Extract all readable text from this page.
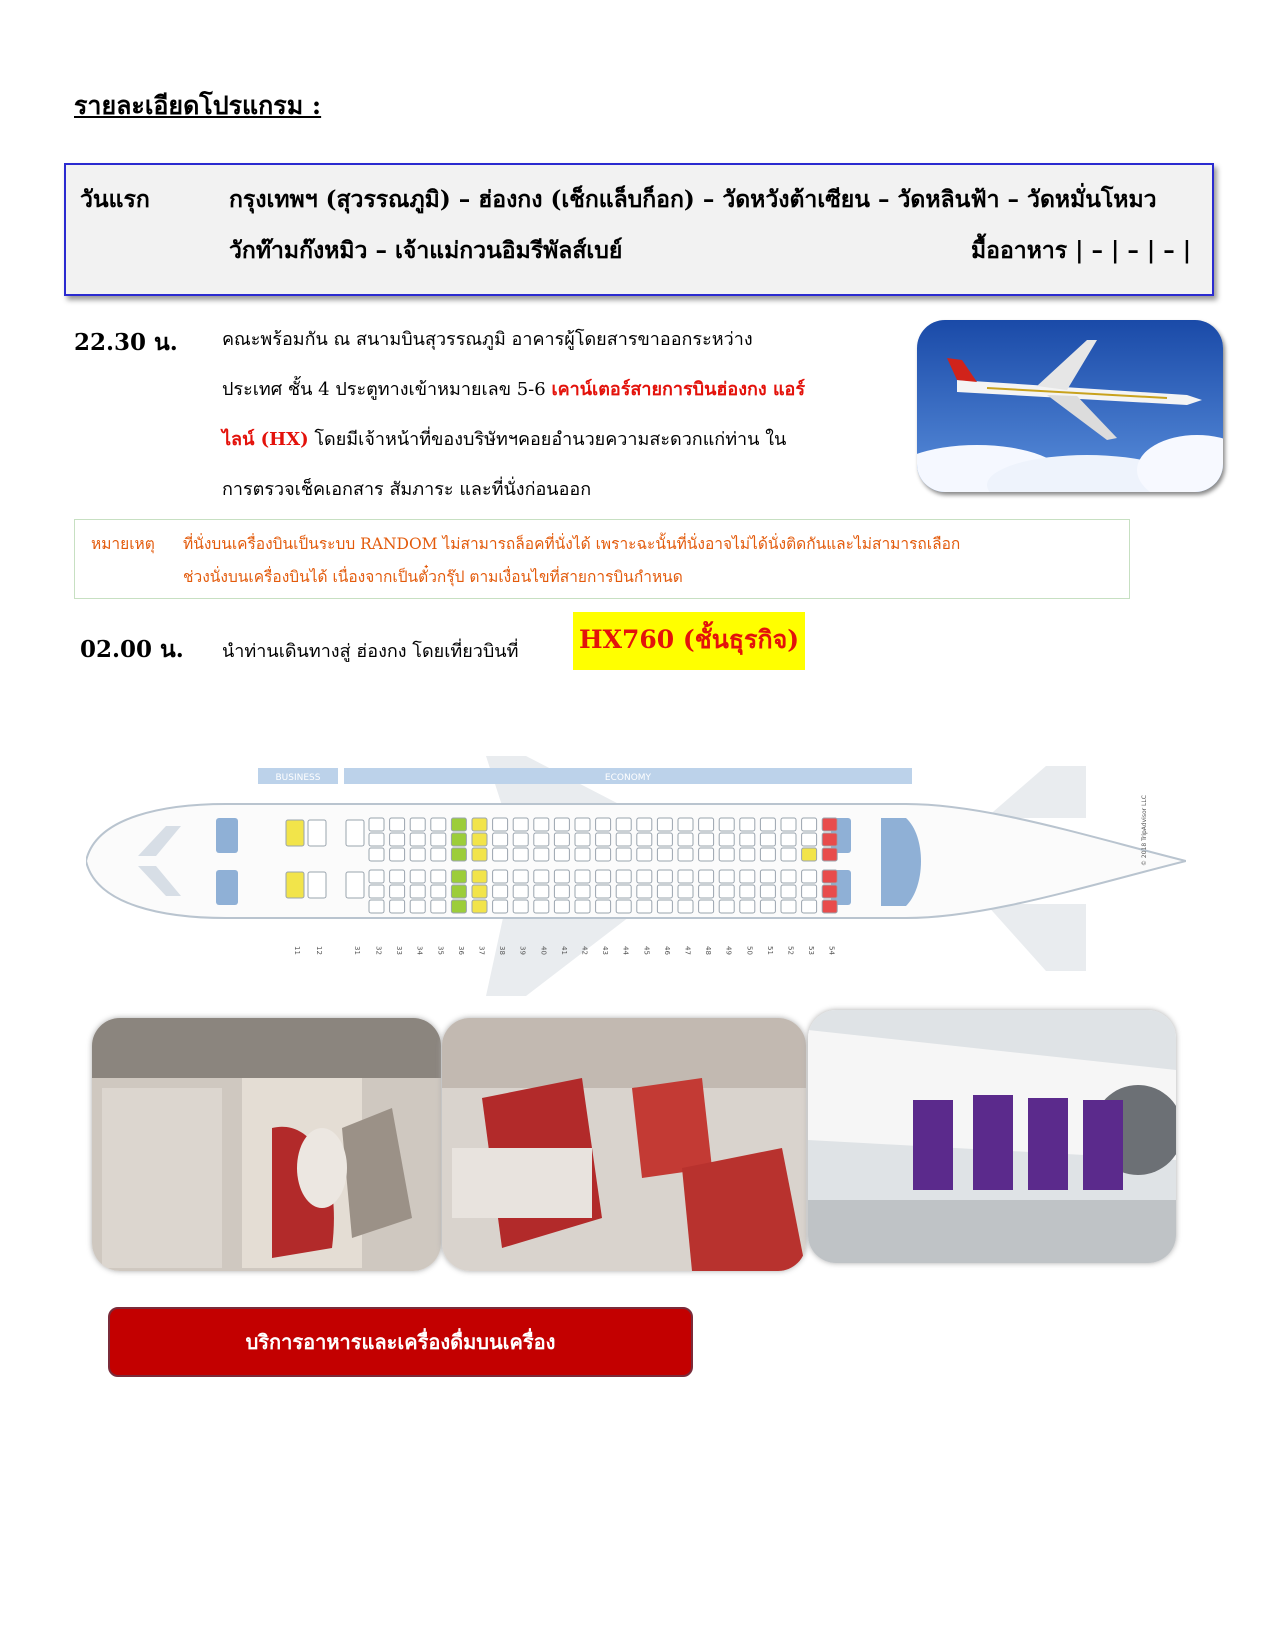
รายละเอียดโปรแกรม :
วันแรก	กรุงเทพฯ (สุวรรณภูมิ) – ฮ่องกง (เช็กแล็บก็อก) – วัดหวังต้าเซียน – วัดหลินฟ้า – วัดหมั่นโหมว
วักท๊ามก๊งหมิว – เจ้าแม่กวนอิมรีพัลส์เบย์	มื้ออาหาร | – | – | – |
22.30 น. คณะพร้อมกัน ณ สนามบินสุวรรณภูมิ อาคารผู้โดยสารขาออกระหว่าง
ประเทศ ชั้น 4 ประตูทางเข้าหมายเลข 5-6 เคาน์เตอร์สายการบินฮ่องกง แอร์
ไลน์ (HX) โดยมีเจ้าหน้าที่ของบริษัทฯคอยอำนวยความสะดวกแก่ท่าน ใน
การตรวจเช็คเอกสาร สัมภาระ และที่นั่งก่อนออก
หมายเหตุ ที่นั่งบนเครื่องบินเป็นระบบ RANDOM ไม่สามารถล็อคที่นั่งได้ เพราะฉะนั้นที่นั่งอาจไม่ได้นั่งติดกันและไม่สามารถเลือก
ช่วงนั่งบนเครื่องบินได้ เนื่องจากเป็นตั๋วกรุ๊ป ตามเงื่อนไขที่สายการบินกำหนด
02.00 น. นำท่านเดินทางสู่ ฮ่องกง โดยเที่ยวบินที่ HX760 (ชั้นธุรกิจ)
BUSINESS	ECONOMY
11 12	31 32 33 34 35 36 37 38 39 40 41 42 43 44 45 46 47 48 49 50 51 52 53 54
© 2018 TripAdvisor LLC
บริการอาหารและเครื่องดื่มบนเครื่อง
